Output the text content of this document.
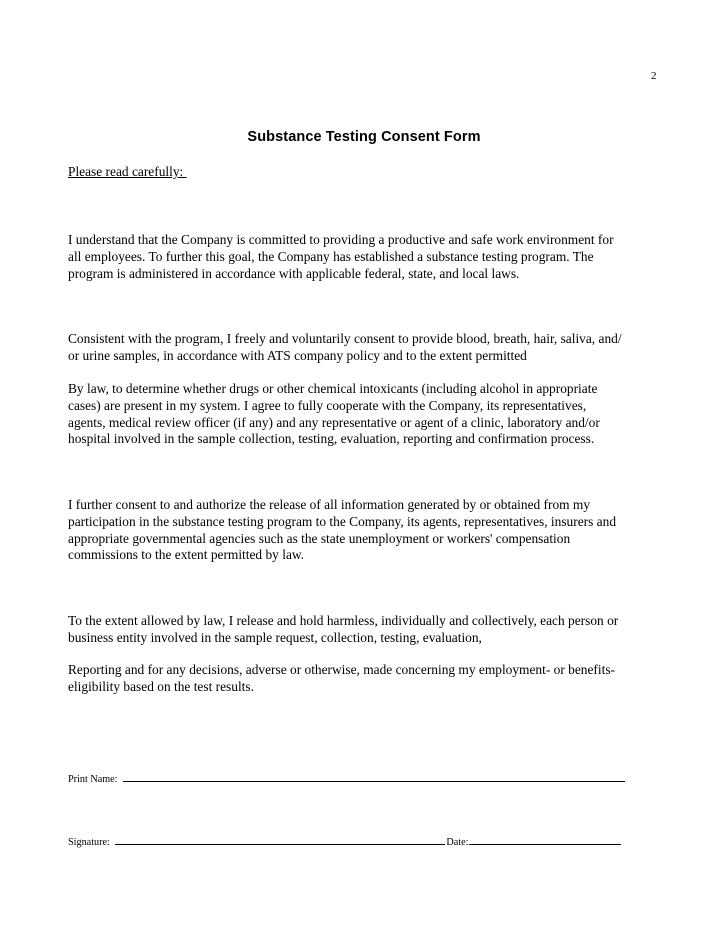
2
Substance Testing Consent Form
Please read carefully:
I understand that the Company is committed to providing a productive and safe work environment for
all employees. To further this goal, the Company has established a substance testing program. The
program is administered in accordance with applicable federal, state, and local laws.
Consistent with the program, I freely and voluntarily consent to provide blood, breath, hair, saliva, and/
or urine samples, in accordance with ATS company policy and to the extent permitted
By law, to determine whether drugs or other chemical intoxicants (including alcohol in appropriate
cases) are present in my system. I agree to fully cooperate with the Company, its representatives,
agents, medical review officer (if any) and any representative or agent of a clinic, laboratory and/or
hospital involved in the sample collection, testing, evaluation, reporting and confirmation process.
I further consent to and authorize the release of all information generated by or obtained from my
participation in the substance testing program to the Company, its agents, representatives, insurers and
appropriate governmental agencies such as the state unemployment or workers' compensation
commissions to the extent permitted by law.
To the extent allowed by law, I release and hold harmless, individually and collectively, each person or
business entity involved in the sample request, collection, testing, evaluation,
Reporting and for any decisions, adverse or otherwise, made concerning my employment- or benefits-
eligibility based on the test results.
Print Name:
Signature:	Date:
